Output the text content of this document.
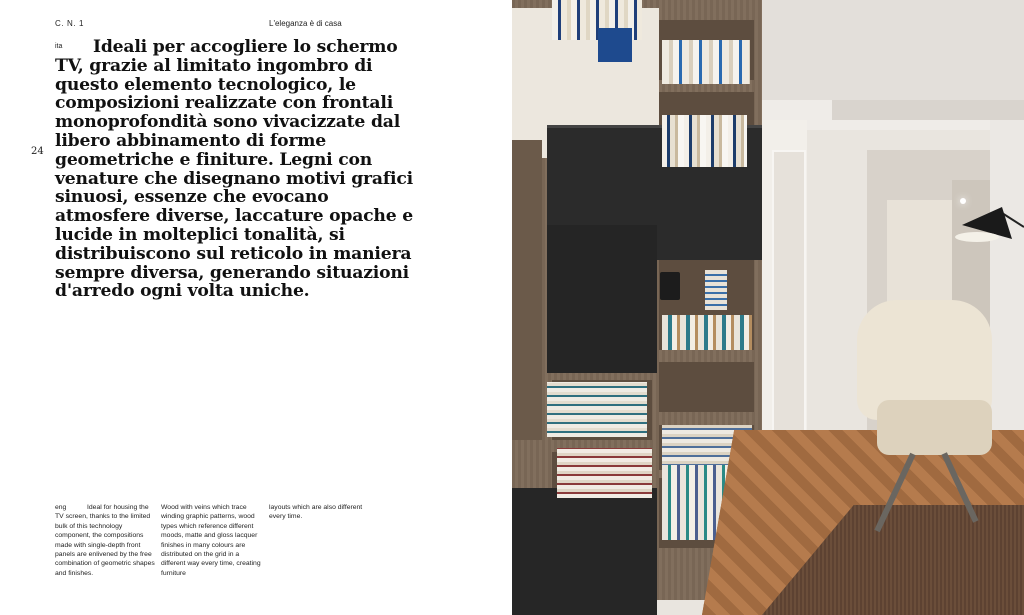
C. N. 1	L'eleganza è di casa
ita
24

Ideali per accogliere lo schermo TV, grazie al limitato ingombro di questo elemento tecnologico, le composizioni realizzate con frontali monoprofondità sono vivacizzate dal libero abbinamento di forme geometriche e finiture. Legni con venature che disegnano motivi grafici sinuosi, essenze che evocano atmosfere diverse, laccature opache e lucide in molteplici tonalità, si distribuiscono sul reticolo in maniera sempre diversa, generando situazioni d'arredo ogni volta uniche.

eng	Ideal for housing the TV screen, thanks to the limited bulk of this technology component, the compositions made with single-depth front panels are enlivened by the free combination of geometric shapes and finishes.

Wood with veins which trace winding graphic patterns, wood types which reference different moods, matte and gloss lacquer finishes in many colours are distributed on the grid in a different way every time, creating furniture

layouts which are also different every time.
